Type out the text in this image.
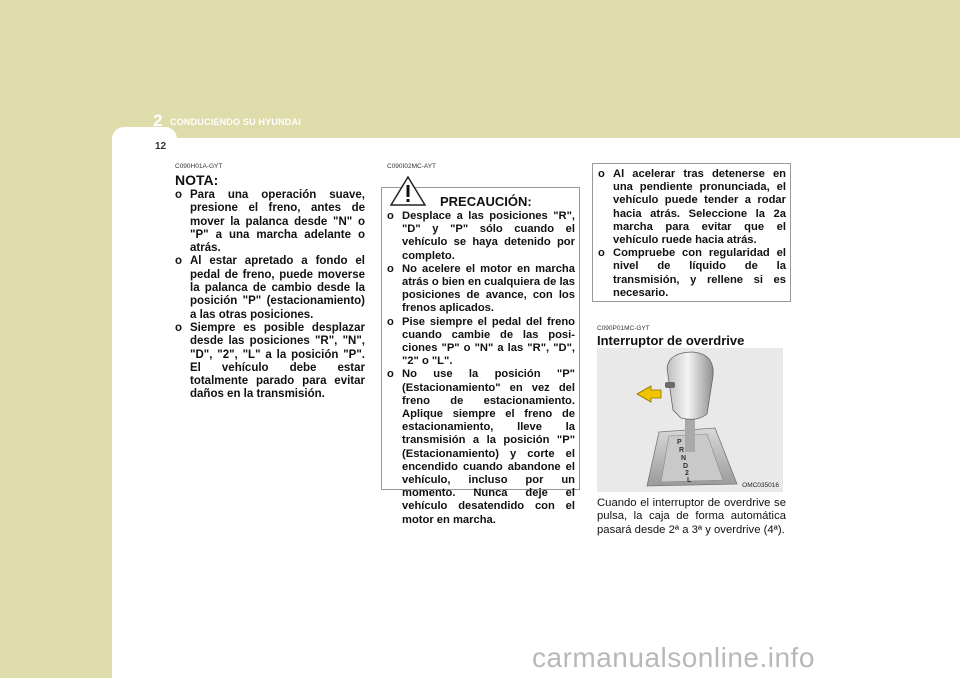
2 CONDUCIENDO SU HYUNDAI
12
C090H01A-GYT
NOTA:
o Para una operación suave, presione el freno, antes de mover la palanca desde "N" o "P" a una marcha adelante o atrás.
o Al estar apretado a fondo el pedal de freno, puede moverse la palanca de cambio desde la posición "P" (estacionamiento) a las otras posiciones.
o Siempre es posible desplazar desde las posiciones "R", "N", "D", "2", "L" a la posición "P". El vehículo debe estar totalmente parado para evitar daños en la transmisión.
C090I02MC-AYT
PRECAUCIÓN:
o Desplace a las posiciones "R", "D" y "P" sólo cuando el vehículo se haya detenido por completo.
o No acelere el motor en marcha atrás o bien en cualquiera de las posiciones de avance, con los frenos aplicados.
o Pise siempre el pedal del freno cuando cambie de las posi-ciones "P" o "N" a las "R", "D", "2" o "L".
o No use la posición "P" (Estacionamiento" en vez del freno de estacionamiento. Aplique siempre el freno de estacionamiento, lleve la transmisión a la posición "P" (Estacionamiento) y corte el encendido cuando abandone el vehículo, incluso por un momento. Nunca deje el vehículo desatendido con el motor en marcha.
o Al acelerar tras detenerse en una pendiente pronunciada, el vehículo puede tender a rodar hacia atrás. Seleccione la 2a marcha para evitar que el vehículo ruede hacia atrás.
o Compruebe con regularidad el nivel de líquido de la transmisión, y rellene si es necesario.
C090P01MC-GYT
Interruptor de overdrive
P
R
N
D
2
L
OMC035016
Cuando el interruptor de overdrive se pulsa, la caja de forma automática pasará desde 2ª a 3ª y overdrive (4ª).
carmanualsonline.info
